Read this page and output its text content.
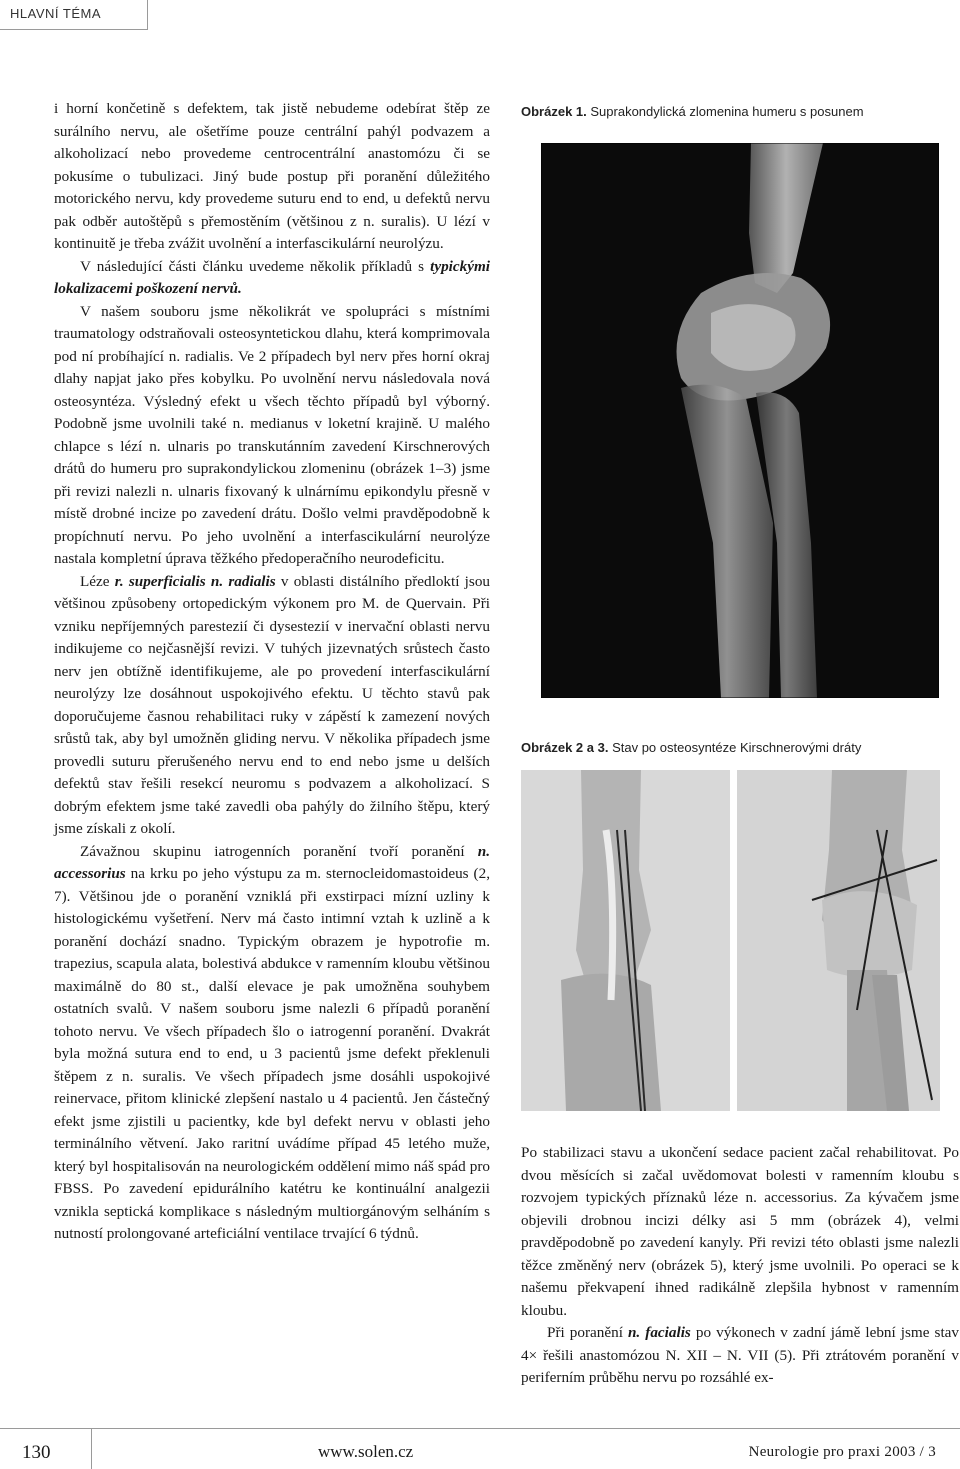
HLAVNÍ TÉMA

i horní končetině s defektem, tak jistě nebudeme odebírat štěp ze surálního nervu, ale ošetříme pouze centrální pahýl podvazem a alkoholizací nebo provedeme centrocentrální anastomózu či se pokusíme o tubulizaci. Jiný bude postup při poranění důležitého motorického nervu, kdy provedeme suturu end to end, u defektů nervu pak odběr autoštěpů s přemostěním (většinou z n. suralis). U lézí v kontinuitě je třeba zvážit uvolnění a interfascikulární neurolýzu.

V následující části článku uvedeme několik příkladů s typickými lokalizacemi poškození nervů.

V našem souboru jsme několikrát ve spolupráci s místními traumatology odstraňovali osteosyntetickou dlahu, která komprimovala pod ní probíhající n. radialis. Ve 2 případech byl nerv přes horní okraj dlahy napjat jako přes kobylku. Po uvolnění nervu následovala nová osteosyntéza. Výsledný efekt u všech těchto případů byl výborný. Podobně jsme uvolnili také n. medianus v loketní krajině. U malého chlapce s lézí n. ulnaris po transkutánním zavedení Kirschnerových drátů do humeru pro suprakondylickou zlomeninu (obrázek 1–3) jsme při revizi nalezli n. ulnaris fixovaný k ulnárnímu epikondylu přesně v místě drobné incize po zavedení drátu. Došlo velmi pravděpodobně k propíchnutí nervu. Po jeho uvolnění a interfascikulární neurolýze nastala kompletní úprava těžkého předoperačního neurodeficitu.

Léze r. superficialis n. radialis v oblasti distálního předloktí jsou většinou způsobeny ortopedickým výkonem pro M. de Quervain. Při vzniku nepříjemných parestezií či dysestezií v inervační oblasti nervu indikujeme co nejčasnější revizi. V tuhých jizevnatých srůstech často nerv jen obtížně identifikujeme, ale po provedení interfascikulární neurolýzy lze dosáhnout uspokojivého efektu. U těchto stavů pak doporučujeme časnou rehabilitaci ruky v zápěstí k zamezení nových srůstů tak, aby byl umožněn gliding nervu. V několika případech jsme provedli suturu přerušeného nervu end to end nebo jsme u delších defektů stav řešili resekcí neuromu s podvazem a alkoholizací. S dobrým efektem jsme také zavedli oba pahýly do žilního štěpu, který jsme získali z okolí.

Závažnou skupinu iatrogenních poranění tvoří poranění n. accessorius na krku po jeho výstupu za m. sternocleidomastoideus (2, 7). Většinou jde o poranění vzniklá při exstirpaci mízní uzliny k histologickému vyšetření. Nerv má často intimní vztah k uzlině a k poranění dochází snadno. Typickým obrazem je hypotrofie m. trapezius, scapula alata, bolestivá abdukce v ramenním kloubu většinou maximálně do 80 st., další elevace je pak umožněna souhybem ostatních svalů. V našem souboru jsme nalezli 6 případů poranění tohoto nervu. Ve všech případech šlo o iatrogenní poranění. Dvakrát byla možná sutura end to end, u 3 pacientů jsme defekt překlenuli štěpem z n. suralis. Ve všech případech jsme dosáhli uspokojivé reinervace, přitom klinické zlepšení nastalo u 4 pacientů. Jen částečný efekt jsme zjistili u pacientky, kde byl defekt nervu v oblasti jeho terminálního větvení. Jako raritní uvádíme případ 45 letého muže, který byl hospitalisován na neurologickém oddělení mimo náš spád pro FBSS. Po zavedení epidurálního katétru ke kontinuální analgezii vznikla septická komplikace s následným multiorgánovým selháním s nutností prolongované arteficiální ventilace trvající 6 týdnů.

Obrázek 1. Suprakondylická zlomenina humeru s posunem
Obrázek 2 a 3. Stav po osteosyntéze Kirschnerovými dráty

Po stabilizaci stavu a ukončení sedace pacient začal rehabilitovat. Po dvou měsících si začal uvědomovat bolesti v ramenním kloubu s rozvojem typických příznaků léze n. accessorius. Za kývačem jsme objevili drobnou incizi délky asi 5 mm (obrázek 4), velmi pravděpodobně po zavedení kanyly. Při revizi této oblasti jsme nalezli těžce změněný nerv (obrázek 5), který jsme uvolnili. Po operaci se k našemu překvapení ihned radikálně zlepšila hybnost v ramenním kloubu.

Při poranění n. facialis po výkonech v zadní jámě lební jsme stav 4× řešili anastomózou N. XII – N. VII (5). Při ztrátovém poranění v periferním průběhu nervu po rozsáhlé ex-

130	www.solen.cz	Neurologie pro praxi 2003 / 3
